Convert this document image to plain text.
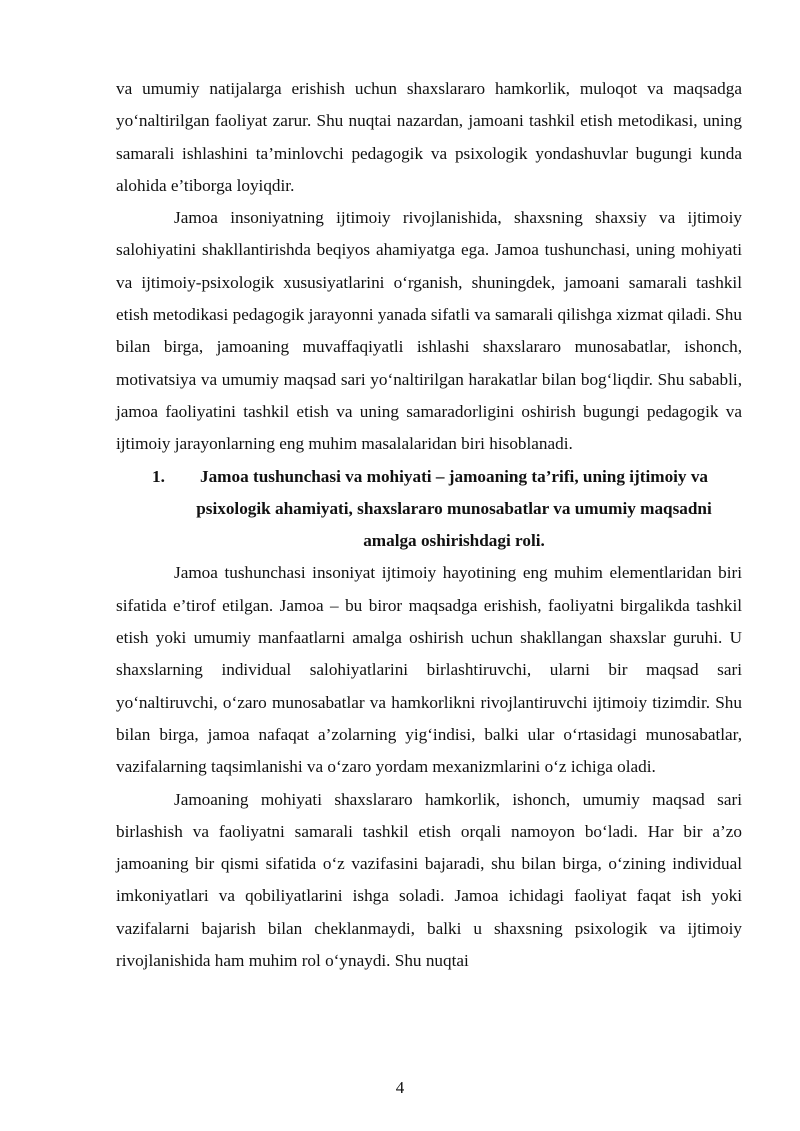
va umumiy natijalarga erishish uchun shaxslararo hamkorlik, muloqot va maqsadga yo‘naltirilgan faoliyat zarur. Shu nuqtai nazardan, jamoani tashkil etish metodikasi, uning samarali ishlashini ta’minlovchi pedagogik va psixologik yondashuvlar bugungi kunda alohida e’tiborga loyiqdir.

Jamoa insoniyatning ijtimoiy rivojlanishida, shaxsning shaxsiy va ijtimoiy salohiyatini shakllantirishda beqiyos ahamiyatga ega. Jamoa tushunchasi, uning mohiyati va ijtimoiy-psixologik xususiyatlarini o‘rganish, shuningdek, jamoani samarali tashkil etish metodikasi pedagogik jarayonni yanada sifatli va samarali qilishga xizmat qiladi. Shu bilan birga, jamoaning muvaffaqiyatli ishlashi shaxslararo munosabatlar, ishonch, motivatsiya va umumiy maqsad sari yo‘naltirilgan harakatlar bilan bog‘liqdir. Shu sababli, jamoa faoliyatini tashkil etish va uning samaradorligini oshirish bugungi pedagogik va ijtimoiy jarayonlarning eng muhim masalalaridan biri hisoblanadi.

1.	Jamoa tushunchasi va mohiyati – jamoaning ta’rifi, uning ijtimoiy va psixologik ahamiyati, shaxslararo munosabatlar va umumiy maqsadni amalga oshirishdagi roli.

Jamoa tushunchasi insoniyat ijtimoiy hayotining eng muhim elementlaridan biri sifatida e’tirof etilgan. Jamoa – bu biror maqsadga erishish, faoliyatni birgalikda tashkil etish yoki umumiy manfaatlarni amalga oshirish uchun shakllangan shaxslar guruhi. U shaxslarning individual salohiyatlarini birlashtiruvchi, ularni bir maqsad sari yo‘naltiruvchi, o‘zaro munosabatlar va hamkorlikni rivojlantiruvchi ijtimoiy tizimdir. Shu bilan birga, jamoa nafaqat a’zolarning yig‘indisi, balki ular o‘rtasidagi munosabatlar, vazifalarning taqsimlanishi va o‘zaro yordam mexanizmlarini o‘z ichiga oladi.

Jamoaning mohiyati shaxslararo hamkorlik, ishonch, umumiy maqsad sari birlashish va faoliyatni samarali tashkil etish orqali namoyon bo‘ladi. Har bir a’zo jamoaning bir qismi sifatida o‘z vazifasini bajaradi, shu bilan birga, o‘zining individual imkoniyatlari va qobiliyatlarini ishga soladi. Jamoa ichidagi faoliyat faqat ish yoki vazifalarni bajarish bilan cheklanmaydi, balki u shaxsning psixologik va ijtimoiy rivojlanishida ham muhim rol o‘ynaydi. Shu nuqtai

4
